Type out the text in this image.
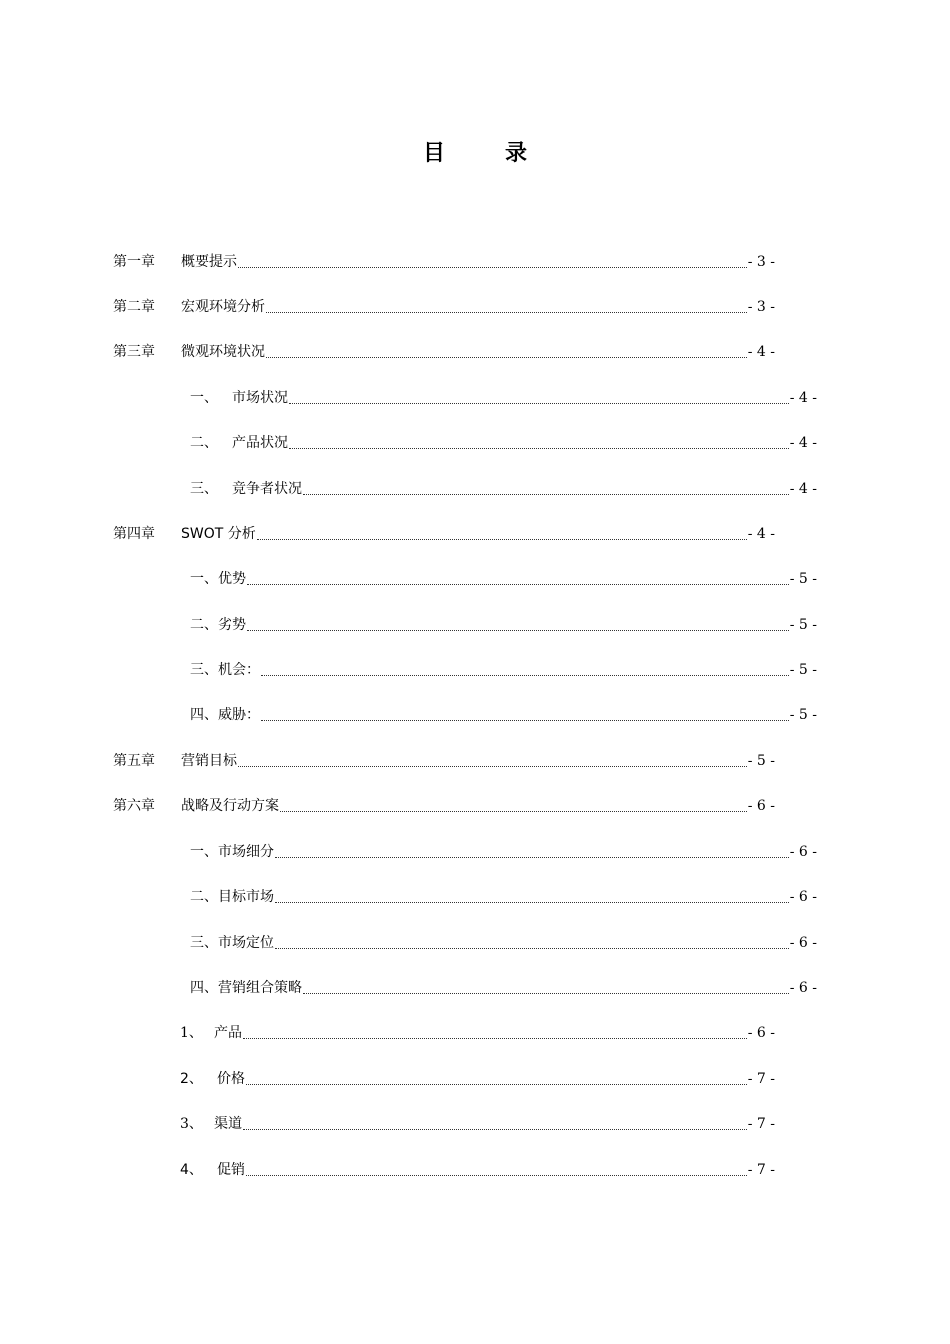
目	录
第一章	概要提示	- 3 -
第二章	宏观环境分析	- 3 -
第三章	微观环境状况	- 4 -
一、	市场状况	- 4 -
二、	产品状况	- 4 -
三、	竞争者状况	- 4 -
第四章	SWOT 分析	- 4 -
一、 优势	- 5 -
二、 劣势	- 5 -
三、 机会：	- 5 -
四、 威胁：	- 5 -
第五章	营销目标	- 5 -
第六章	战略及行动方案	- 6 -
一、 市场细分	- 6 -
二、 目标市场	- 6 -
三、 市场定位	- 6 -
四、 营销组合策略	- 6 -
1、 产品	- 6 -
2、	价格	- 7 -
3、 渠道	- 7 -
4、	促销	- 7 -
